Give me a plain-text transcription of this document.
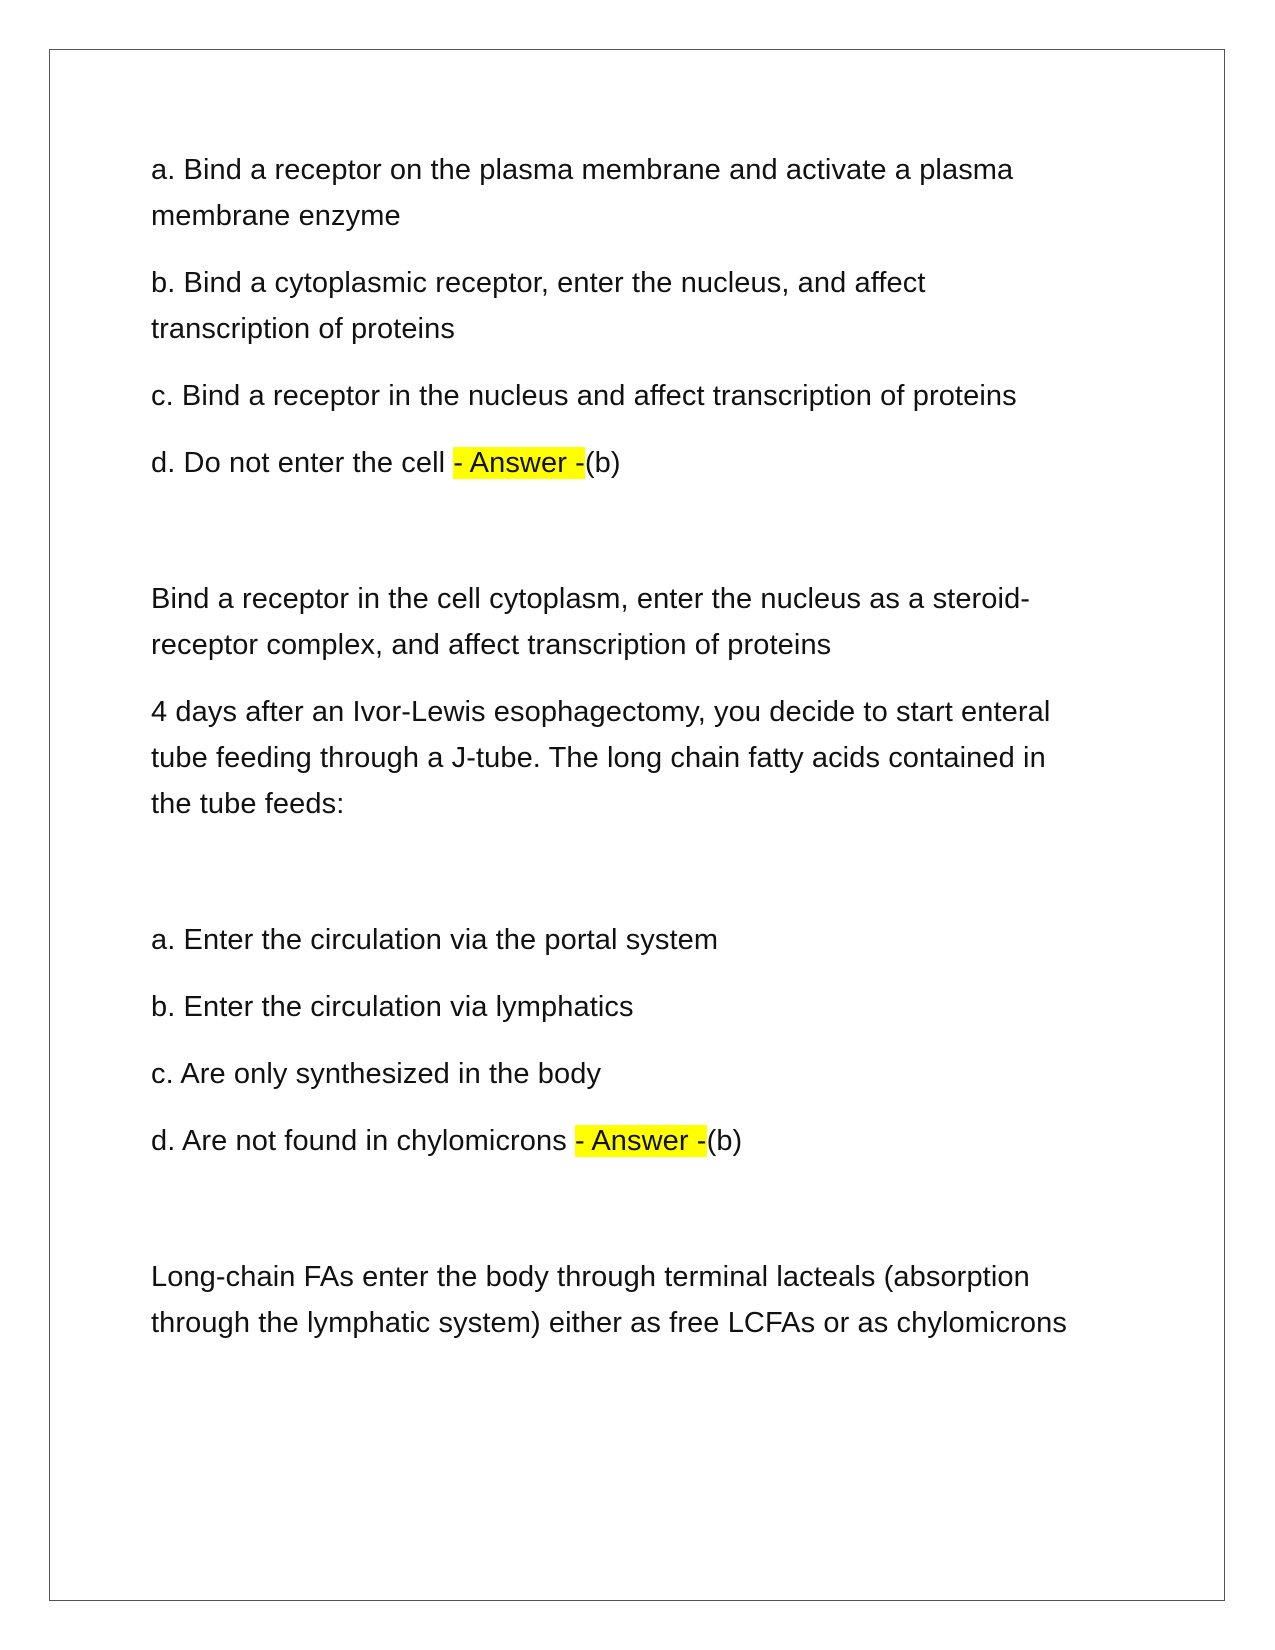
a. Bind a receptor on the plasma membrane and activate a plasma
membrane enzyme
b. Bind a cytoplasmic receptor, enter the nucleus, and affect
transcription of proteins
c. Bind a receptor in the nucleus and affect transcription of proteins
d. Do not enter the cell - Answer -(b)
Bind a receptor in the cell cytoplasm, enter the nucleus as a steroid-
receptor complex, and affect transcription of proteins
4 days after an Ivor-Lewis esophagectomy, you decide to start enteral
tube feeding through a J-tube. The long chain fatty acids contained in
the tube feeds:
a. Enter the circulation via the portal system
b. Enter the circulation via lymphatics
c. Are only synthesized in the body
d. Are not found in chylomicrons - Answer -(b)
Long-chain FAs enter the body through terminal lacteals (absorption
through the lymphatic system) either as free LCFAs or as chylomicrons
